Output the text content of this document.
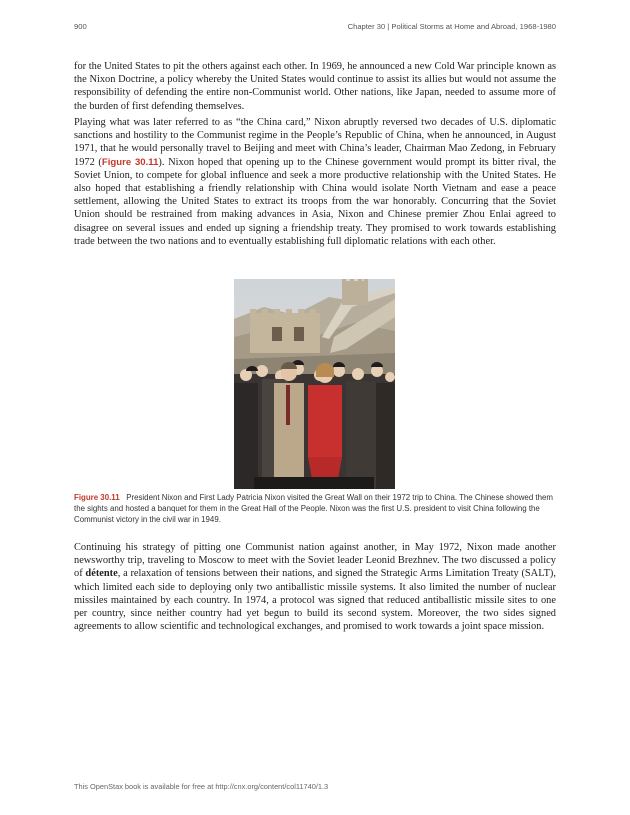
900	Chapter 30 | Political Storms at Home and Abroad, 1968-1980

for the United States to pit the others against each other. In 1969, he announced a new Cold War principle known as the Nixon Doctrine, a policy whereby the United States would continue to assist its allies but would not assume the responsibility of defending the entire non-Communist world. Other nations, like Japan, needed to assume more of the burden of first defending themselves.

Playing what was later referred to as “the China card,” Nixon abruptly reversed two decades of U.S. diplomatic sanctions and hostility to the Communist regime in the People’s Republic of China, when he announced, in August 1971, that he would personally travel to Beijing and meet with China’s leader, Chairman Mao Zedong, in February 1972 (Figure 30.11). Nixon hoped that opening up to the Chinese government would prompt its bitter rival, the Soviet Union, to compete for global influence and seek a more productive relationship with the United States. He also hoped that establishing a friendly relationship with China would isolate North Vietnam and ease a peace settlement, allowing the United States to extract its troops from the war honorably. Concurring that the Soviet Union should be restrained from making advances in Asia, Nixon and Chinese premier Zhou Enlai agreed to disagree on several issues and ended up signing a friendship treaty. They promised to work towards establishing trade between the two nations and to eventually establishing full diplomatic relations with each other.

Figure 30.11 President Nixon and First Lady Patricia Nixon visited the Great Wall on their 1972 trip to China. The Chinese showed them the sights and hosted a banquet for them in the Great Hall of the People. Nixon was the first U.S. president to visit China following the Communist victory in the civil war in 1949.

Continuing his strategy of pitting one Communist nation against another, in May 1972, Nixon made another newsworthy trip, traveling to Moscow to meet with the Soviet leader Leonid Brezhnev. The two discussed a policy of détente, a relaxation of tensions between their nations, and signed the Strategic Arms Limitation Treaty (SALT), which limited each side to deploying only two antiballistic missile systems. It also limited the number of nuclear missiles maintained by each country. In 1974, a protocol was signed that reduced antiballistic missile sites to one per country, since neither country had yet begun to build its second system. Moreover, the two sides signed agreements to allow scientific and technological exchanges, and promised to work towards a joint space mission.

This OpenStax book is available for free at http://cnx.org/content/col11740/1.3
